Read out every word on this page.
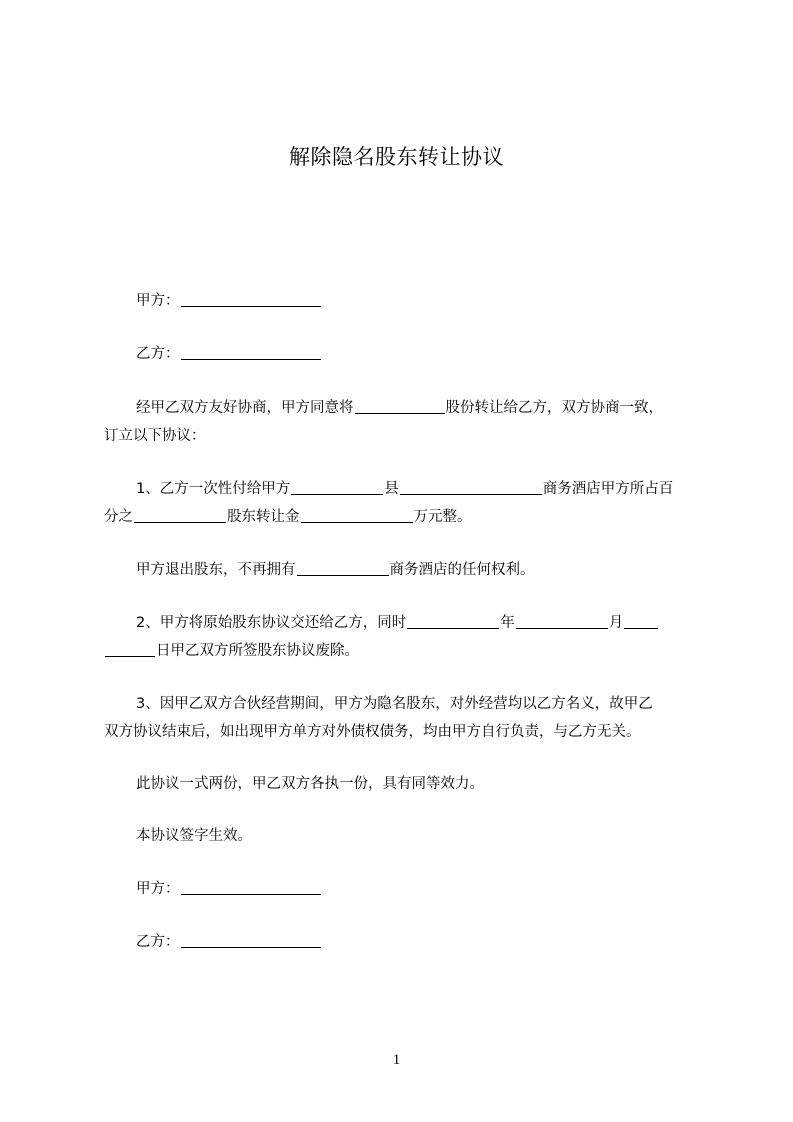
解除隐名股东转让协议
甲方：
乙方：
经甲乙双方友好协商，甲方同意将	股份转让给乙方，双方协商一致，
订立以下协议：
1、乙方一次性付给甲方	县	商务酒店甲方所占百
分之	股东转让金	万元整。
甲方退出股东，不再拥有	商务酒店的任何权利。
2、甲方将原始股东协议交还给乙方，同时	年	月
日甲乙双方所签股东协议废除。
3、因甲乙双方合伙经营期间，甲方为隐名股东，对外经营均以乙方名义，故甲乙
双方协议结束后，如出现甲方单方对外债权债务，均由甲方自行负责，与乙方无关。
此协议一式两份，甲乙双方各执一份，具有同等效力。
本协议签字生效。
甲方：
乙方：
1
